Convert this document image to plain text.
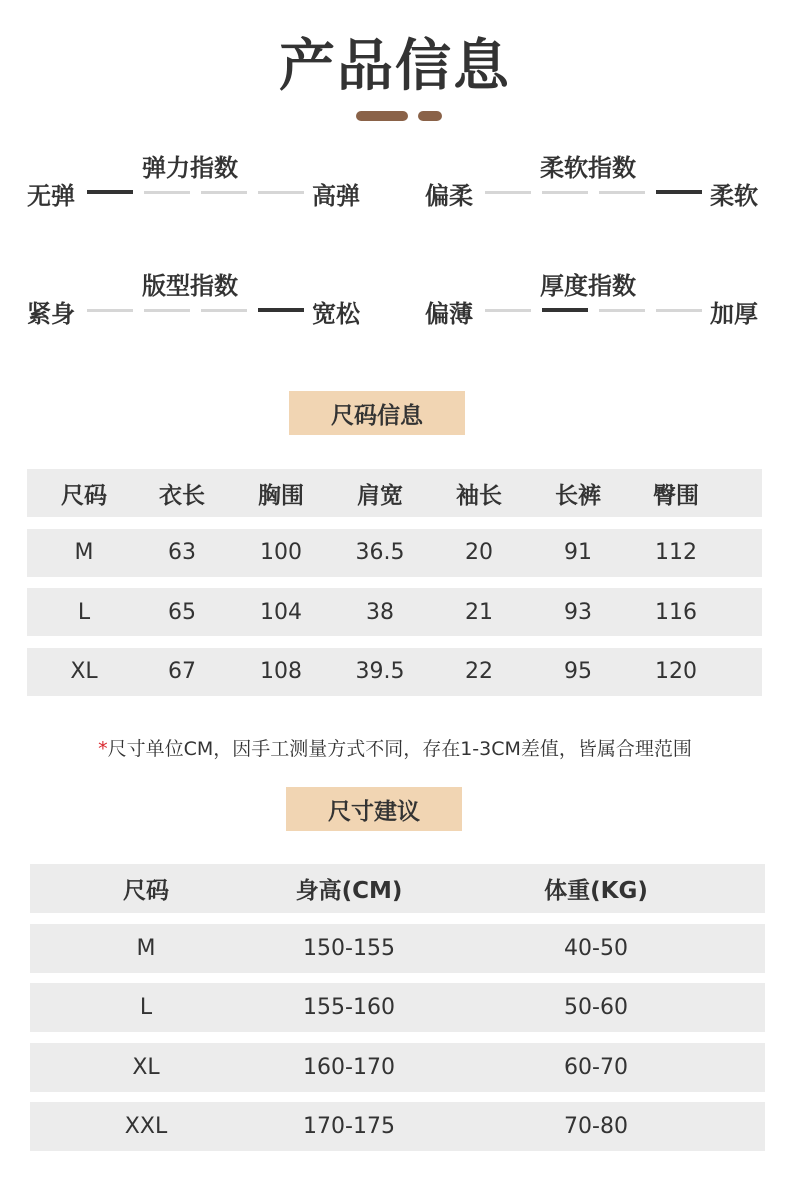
产品信息
弹力指数
无弹	高弹
柔软指数
偏柔	柔软
版型指数
紧身	宽松
厚度指数
偏薄	加厚
尺码信息
尺码	衣长	胸围	肩宽	袖长	长裤	臀围
M	63	100	36.5	20	91	112
L	65	104	38	21	93	116
XL	67	108	39.5	22	95	120
*尺寸单位CM，因手工测量方式不同，存在1-3CM差值，皆属合理范围
尺寸建议
尺码	身高(CM)	体重(KG)
M	150-155	40-50
L	155-160	50-60
XL	160-170	60-70
XXL	170-175	70-80
